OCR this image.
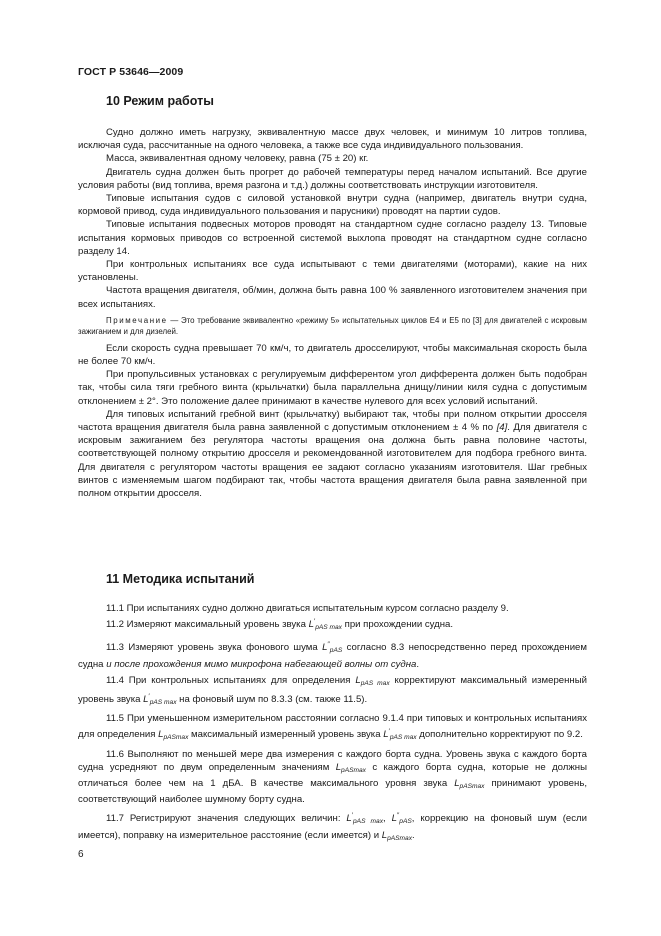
ГОСТ Р 53646—2009
10 Режим работы

Судно должно иметь нагрузку, эквивалентную массе двух человек, и минимум 10 литров топлива, исключая суда, рассчитанные на одного человека, а также все суда индивидуального пользования.

Масса, эквивалентная одному человеку, равна (75 ± 20) кг.

Двигатель судна должен быть прогрет до рабочей температуры перед началом испытаний. Все другие условия работы (вид топлива, время разгона и т.д.) должны соответствовать инструкции изготовителя.

Типовые испытания судов с силовой установкой внутри судна (например, двигатель внутри судна, кормовой привод, суда индивидуального пользования и парусники) проводят на партии судов.

Типовые испытания подвесных моторов проводят на стандартном судне согласно разделу 13. Типовые испытания кормовых приводов со встроенной системой выхлопа проводят на стандартном судне согласно разделу 14.

При контрольных испытаниях все суда испытывают с теми двигателями (моторами), какие на них установлены.

Частота вращения двигателя, об/мин, должна быть равна 100 % заявленного изготовителем значения при всех испытаниях.

Примечание — Это требование эквивалентно «режиму 5» испытательных циклов Е4 и Е5 по [3] для двигателей с искровым зажиганием и для дизелей.

Если скорость судна превышает 70 км/ч, то двигатель дросселируют, чтобы максимальная скорость была не более 70 км/ч.

При пропульсивных установках с регулируемым дифферентом угол дифферента должен быть подобран так, чтобы сила тяги гребного винта (крыльчатки) была параллельна днищу/линии киля судна с допустимым отклонением ± 2°. Это положение далее принимают в качестве нулевого для всех условий испытаний.

Для типовых испытаний гребной винт (крыльчатку) выбирают так, чтобы при полном открытии дросселя частота вращения двигателя была равна заявленной с допустимым отклонением ± 4 % по [4]. Для двигателя с искровым зажиганием без регулятора частоты вращения она должна быть равна половине частоты, соответствующей полному открытию дросселя и рекомендованной изготовителем для подбора гребного винта. Для двигателя с регулятором частоты вращения ее задают согласно указаниям изготовителя. Шаг гребных винтов с изменяемым шагом подбирают так, чтобы частота вращения двигателя была равна заявленной при полном открытии дросселя.

11 Методика испытаний

11.1 При испытаниях судно должно двигаться испытательным курсом согласно разделу 9.

11.2 Измеряют максимальный уровень звука $L'_{pAS max}$ при прохождении судна.

11.3 Измеряют уровень звука фонового шума $L''_{pAS}$ согласно 8.3 непосредственно перед прохождением судна и после прохождения мимо микрофона набегающей волны от судна.

11.4 При контрольных испытаниях для определения $L_{pAS max}$ корректируют максимальный измеренный уровень звука $L'_{pAS max}$ на фоновый шум по 8.3.3 (см. также 11.5).

11.5 При уменьшенном измерительном расстоянии согласно 9.1.4 при типовых и контрольных испытаниях для определения $L_{pASmax}$ максимальный измеренный уровень звука $L'_{pAS max}$ дополнительно корректируют по 9.2.

11.6 Выполняют по меньшей мере два измерения с каждого борта судна. Уровень звука с каждого борта судна усредняют по двум определенным значениям $L_{pASmax}$ с каждого борта судна, которые не должны отличаться более чем на 1 дБА. В качестве максимального уровня звука $L_{pASmax}$ принимают уровень, соответствующий наиболее шумному борту судна.

11.7 Регистрируют значения следующих величин: $L'_{pAS max}$, $L''_{pAS}$, коррекцию на фоновый шум (если имеется), поправку на измерительное расстояние (если имеется) и $L_{pASmax}$.

6
